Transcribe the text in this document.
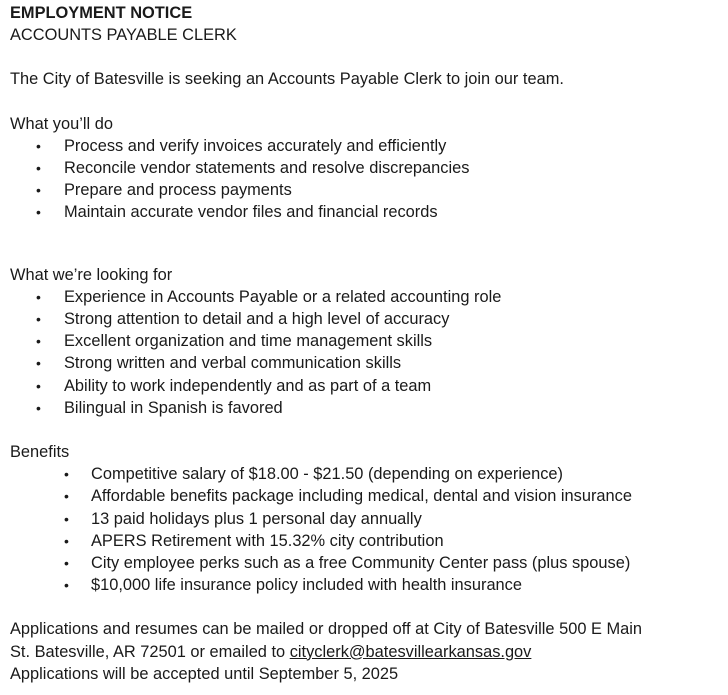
EMPLOYMENT NOTICE

ACCOUNTS PAYABLE CLERK

The City of Batesville is seeking an Accounts Payable Clerk to join our team.

What you’ll do

• Process and verify invoices accurately and efficiently
• Reconcile vendor statements and resolve discrepancies
• Prepare and process payments
• Maintain accurate vendor files and financial records

What we’re looking for

• Experience in Accounts Payable or a related accounting role
• Strong attention to detail and a high level of accuracy
• Excellent organization and time management skills
• Strong written and verbal communication skills
• Ability to work independently and as part of a team
• Bilingual in Spanish is favored

Benefits

• Competitive salary of $18.00 - $21.50 (depending on experience)
• Affordable benefits package including medical, dental and vision insurance
• 13 paid holidays plus 1 personal day annually
• APERS Retirement with 15.32% city contribution
• City employee perks such as a free Community Center pass (plus spouse)
• $10,000 life insurance policy included with health insurance

Applications and resumes can be mailed or dropped off at City of Batesville 500 E Main

St. Batesville, AR 72501 or emailed to cityclerk@batesvillearkansas.gov

Applications will be accepted until September 5, 2025
